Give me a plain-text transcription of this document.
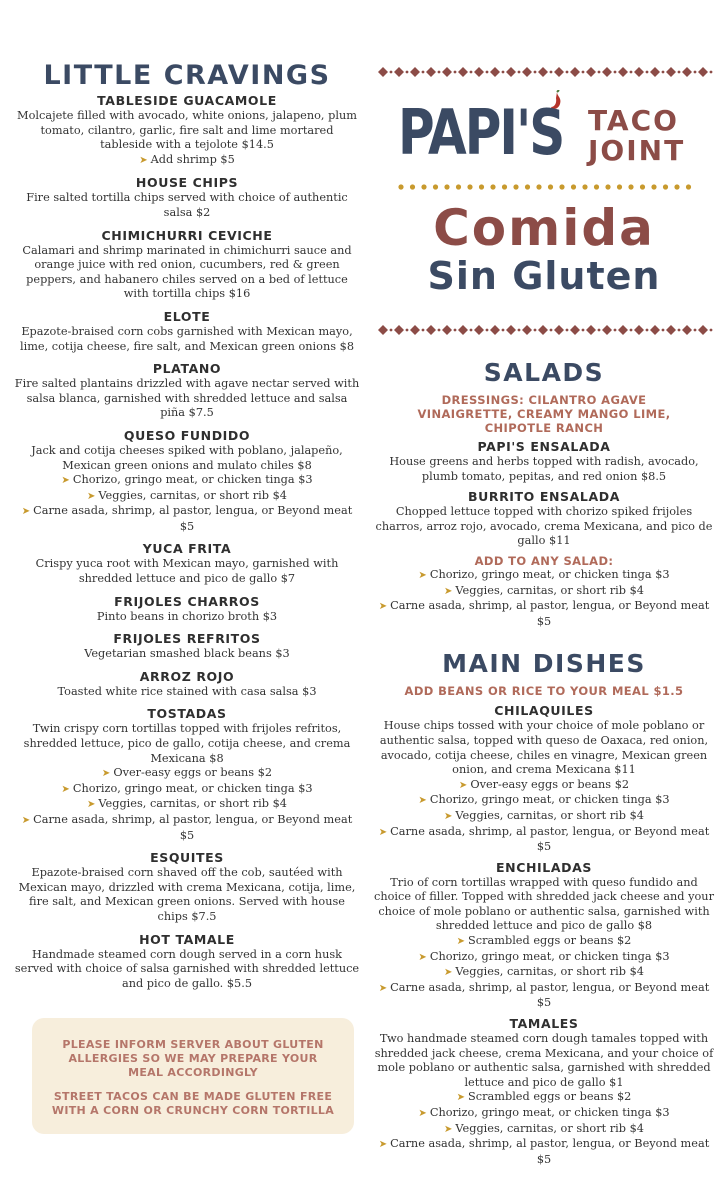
LITTLE CRAVINGS

TABLESIDE GUACAMOLE

Molcajete filled with avocado, white onions, jalapeno, plum tomato, cilantro, garlic, fire salt and lime mortared tableside with a tejolote $14.5

➤ Add shrimp $5

HOUSE CHIPS

Fire salted tortilla chips served with choice of authentic salsa $2

CHIMICHURRI CEVICHE

Calamari and shrimp marinated in chimichurri sauce and orange juice with red onion, cucumbers, red & green peppers, and habanero chiles served on a bed of lettuce with tortilla chips $16

ELOTE

Epazote-braised corn cobs garnished with Mexican mayo, lime, cotija cheese, fire salt, and Mexican green onions $8

PLATANO

Fire salted plantains drizzled with agave nectar served with salsa blanca, garnished with shredded lettuce and salsa piña $7.5

QUESO FUNDIDO

Jack and cotija cheeses spiked with poblano, jalapeño, Mexican green onions and mulato chiles $8

➤ Chorizo, gringo meat, or chicken tinga $3

➤ Veggies, carnitas, or short rib $4

➤ Carne asada, shrimp, al pastor, lengua, or Beyond meat $5

YUCA FRITA

Crispy yuca root with Mexican mayo, garnished with shredded lettuce and pico de gallo $7

FRIJOLES CHARROS

Pinto beans in chorizo broth $3

FRIJOLES REFRITOS

Vegetarian smashed black beans $3

ARROZ ROJO

Toasted white rice stained with casa salsa $3

TOSTADAS

Twin crispy corn tortillas topped with frijoles refritos, shredded lettuce, pico de gallo, cotija cheese, and crema Mexicana $8

➤ Over-easy eggs or beans $2

➤ Chorizo, gringo meat, or chicken tinga $3

➤ Veggies, carnitas, or short rib $4

➤ Carne asada, shrimp, al pastor, lengua, or Beyond meat $5

ESQUITES

Epazote-braised corn shaved off the cob, sautéed with Mexican mayo, drizzled with crema Mexicana, cotija, lime, fire salt, and Mexican green onions. Served with house chips $7.5

HOT TAMALE

Handmade steamed corn dough served in a corn husk served with choice of salsa garnished with shredded lettuce and pico de gallo. $5.5

PLEASE INFORM SERVER ABOUT GLUTEN ALLERGIES SO WE MAY PREPARE YOUR MEAL ACCORDINGLY

STREET TACOS CAN BE MADE GLUTEN FREE WITH A CORN OR CRUNCHY CORN TORTILLA

PAPI'S TACO
JOINT
Comida
Sin Gluten
SALADS

DRESSINGS: CILANTRO AGAVE VINAIGRETTE, CREAMY MANGO LIME, CHIPOTLE RANCH

PAPI'S ENSALADA

House greens and herbs topped with radish, avocado, plumb tomato, pepitas, and red onion $8.5

BURRITO ENSALADA

Chopped lettuce topped with chorizo spiked frijoles charros, arroz rojo, avocado, crema Mexicana, and pico de gallo $11

ADD TO ANY SALAD:

➤ Chorizo, gringo meat, or chicken tinga $3

➤ Veggies, carnitas, or short rib $4

➤ Carne asada, shrimp, al pastor, lengua, or Beyond meat $5

MAIN DISHES

ADD BEANS OR RICE TO YOUR MEAL $1.5

CHILAQUILES

House chips tossed with your choice of mole poblano or authentic salsa, topped with queso de Oaxaca, red onion, avocado, cotija cheese, chiles en vinagre, Mexican green onion, and crema Mexicana $11

➤ Over-easy eggs or beans $2

➤ Chorizo, gringo meat, or chicken tinga $3

➤ Veggies, carnitas, or short rib $4

➤ Carne asada, shrimp, al pastor, lengua, or Beyond meat $5

ENCHILADAS

Trio of corn tortillas wrapped with queso fundido and choice of filler. Topped with shredded jack cheese and your choice of mole poblano or authentic salsa, garnished with shredded lettuce and pico de gallo $8

➤ Scrambled eggs or beans $2

➤ Chorizo, gringo meat, or chicken tinga $3

➤ Veggies, carnitas, or short rib $4

➤ Carne asada, shrimp, al pastor, lengua, or Beyond meat $5

TAMALES

Two handmade steamed corn dough tamales topped with shredded jack cheese, crema Mexicana, and your choice of mole poblano or authentic salsa, garnished with shredded lettuce and pico de gallo $1

➤ Scrambled eggs or beans $2

➤ Chorizo, gringo meat, or chicken tinga $3

➤ Veggies, carnitas, or short rib $4

➤ Carne asada, shrimp, al pastor, lengua, or Beyond meat $5
